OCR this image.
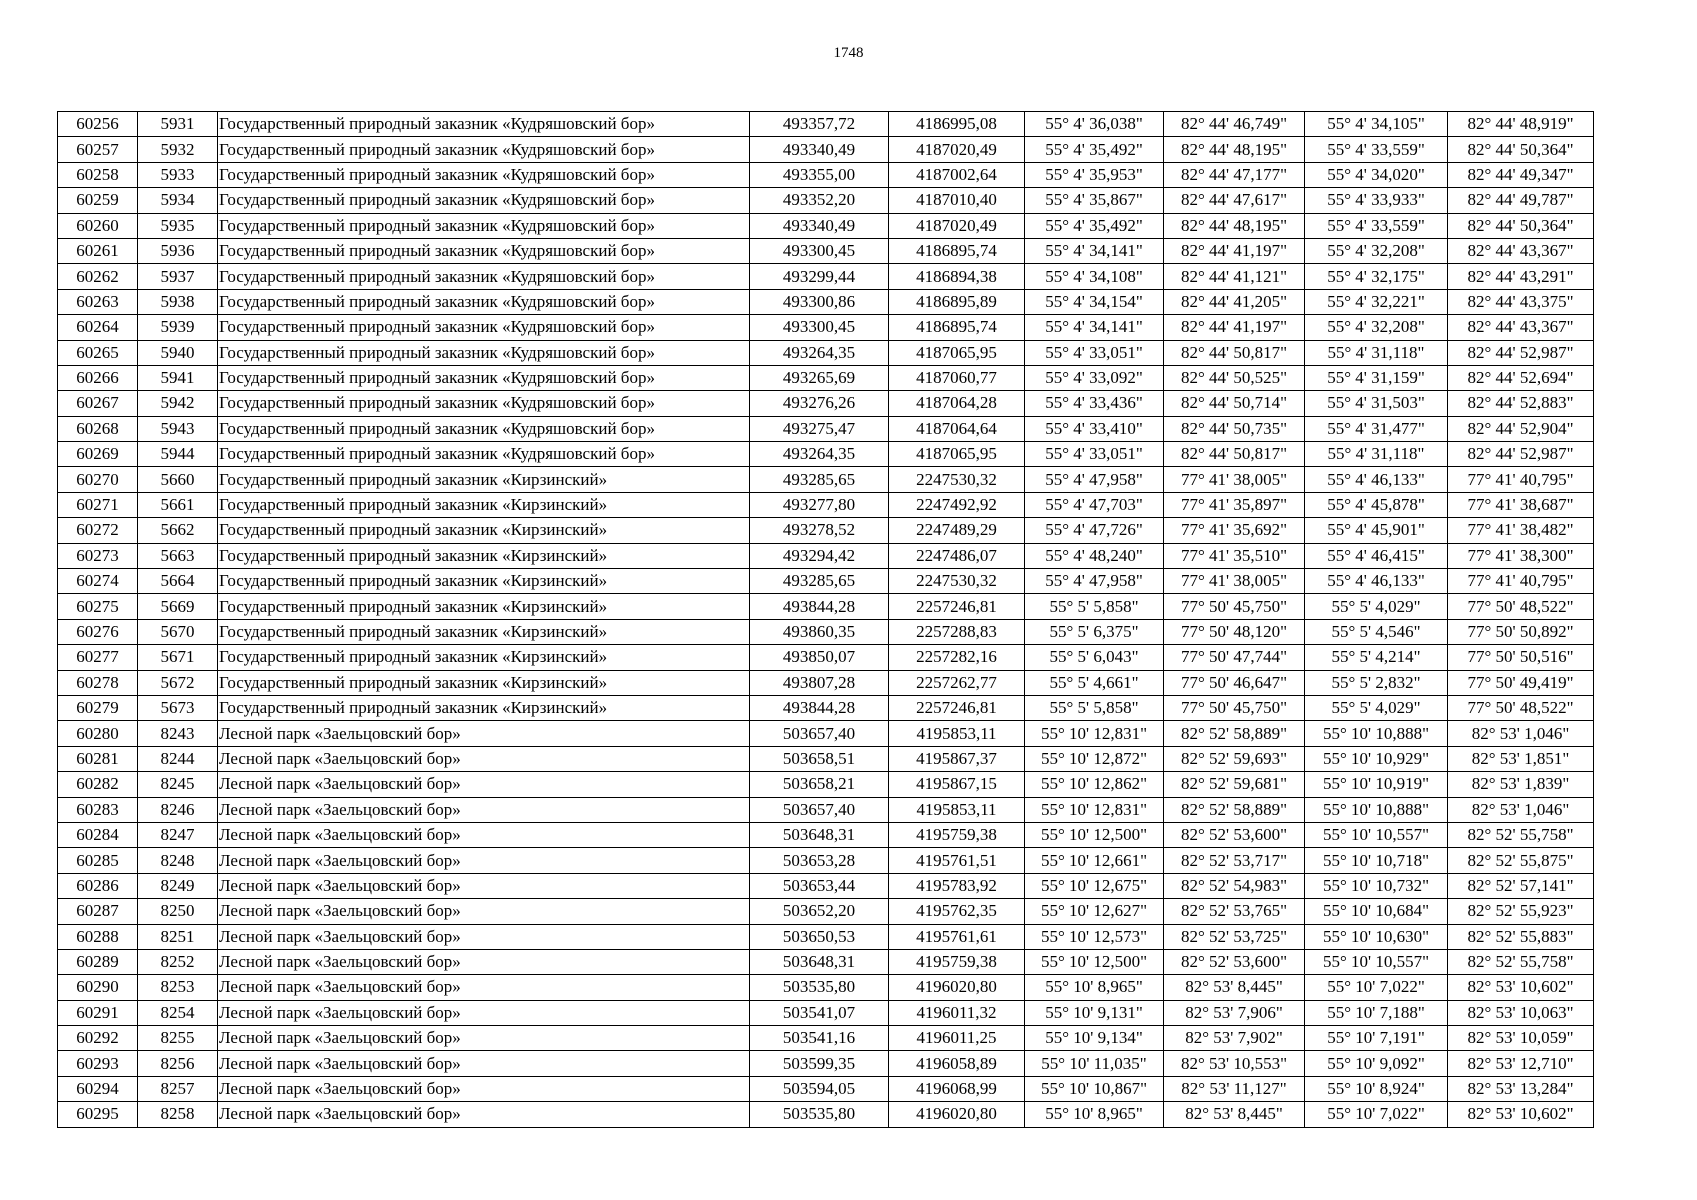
1748
60256	5931	Государственный природный заказник «Кудряшовский бор»	493357,72	4186995,08	55° 4' 36,038"	82° 44' 46,749"	55° 4' 34,105"	82° 44' 48,919"
60257	5932	Государственный природный заказник «Кудряшовский бор»	493340,49	4187020,49	55° 4' 35,492"	82° 44' 48,195"	55° 4' 33,559"	82° 44' 50,364"
60258	5933	Государственный природный заказник «Кудряшовский бор»	493355,00	4187002,64	55° 4' 35,953"	82° 44' 47,177"	55° 4' 34,020"	82° 44' 49,347"
60259	5934	Государственный природный заказник «Кудряшовский бор»	493352,20	4187010,40	55° 4' 35,867"	82° 44' 47,617"	55° 4' 33,933"	82° 44' 49,787"
60260	5935	Государственный природный заказник «Кудряшовский бор»	493340,49	4187020,49	55° 4' 35,492"	82° 44' 48,195"	55° 4' 33,559"	82° 44' 50,364"
60261	5936	Государственный природный заказник «Кудряшовский бор»	493300,45	4186895,74	55° 4' 34,141"	82° 44' 41,197"	55° 4' 32,208"	82° 44' 43,367"
60262	5937	Государственный природный заказник «Кудряшовский бор»	493299,44	4186894,38	55° 4' 34,108"	82° 44' 41,121"	55° 4' 32,175"	82° 44' 43,291"
60263	5938	Государственный природный заказник «Кудряшовский бор»	493300,86	4186895,89	55° 4' 34,154"	82° 44' 41,205"	55° 4' 32,221"	82° 44' 43,375"
60264	5939	Государственный природный заказник «Кудряшовский бор»	493300,45	4186895,74	55° 4' 34,141"	82° 44' 41,197"	55° 4' 32,208"	82° 44' 43,367"
60265	5940	Государственный природный заказник «Кудряшовский бор»	493264,35	4187065,95	55° 4' 33,051"	82° 44' 50,817"	55° 4' 31,118"	82° 44' 52,987"
60266	5941	Государственный природный заказник «Кудряшовский бор»	493265,69	4187060,77	55° 4' 33,092"	82° 44' 50,525"	55° 4' 31,159"	82° 44' 52,694"
60267	5942	Государственный природный заказник «Кудряшовский бор»	493276,26	4187064,28	55° 4' 33,436"	82° 44' 50,714"	55° 4' 31,503"	82° 44' 52,883"
60268	5943	Государственный природный заказник «Кудряшовский бор»	493275,47	4187064,64	55° 4' 33,410"	82° 44' 50,735"	55° 4' 31,477"	82° 44' 52,904"
60269	5944	Государственный природный заказник «Кудряшовский бор»	493264,35	4187065,95	55° 4' 33,051"	82° 44' 50,817"	55° 4' 31,118"	82° 44' 52,987"
60270	5660	Государственный природный заказник «Кирзинский»	493285,65	2247530,32	55° 4' 47,958"	77° 41' 38,005"	55° 4' 46,133"	77° 41' 40,795"
60271	5661	Государственный природный заказник «Кирзинский»	493277,80	2247492,92	55° 4' 47,703"	77° 41' 35,897"	55° 4' 45,878"	77° 41' 38,687"
60272	5662	Государственный природный заказник «Кирзинский»	493278,52	2247489,29	55° 4' 47,726"	77° 41' 35,692"	55° 4' 45,901"	77° 41' 38,482"
60273	5663	Государственный природный заказник «Кирзинский»	493294,42	2247486,07	55° 4' 48,240"	77° 41' 35,510"	55° 4' 46,415"	77° 41' 38,300"
60274	5664	Государственный природный заказник «Кирзинский»	493285,65	2247530,32	55° 4' 47,958"	77° 41' 38,005"	55° 4' 46,133"	77° 41' 40,795"
60275	5669	Государственный природный заказник «Кирзинский»	493844,28	2257246,81	55° 5' 5,858"	77° 50' 45,750"	55° 5' 4,029"	77° 50' 48,522"
60276	5670	Государственный природный заказник «Кирзинский»	493860,35	2257288,83	55° 5' 6,375"	77° 50' 48,120"	55° 5' 4,546"	77° 50' 50,892"
60277	5671	Государственный природный заказник «Кирзинский»	493850,07	2257282,16	55° 5' 6,043"	77° 50' 47,744"	55° 5' 4,214"	77° 50' 50,516"
60278	5672	Государственный природный заказник «Кирзинский»	493807,28	2257262,77	55° 5' 4,661"	77° 50' 46,647"	55° 5' 2,832"	77° 50' 49,419"
60279	5673	Государственный природный заказник «Кирзинский»	493844,28	2257246,81	55° 5' 5,858"	77° 50' 45,750"	55° 5' 4,029"	77° 50' 48,522"
60280	8243	Лесной парк «Заельцовский бор»	503657,40	4195853,11	55° 10' 12,831"	82° 52' 58,889"	55° 10' 10,888"	82° 53' 1,046"
60281	8244	Лесной парк «Заельцовский бор»	503658,51	4195867,37	55° 10' 12,872"	82° 52' 59,693"	55° 10' 10,929"	82° 53' 1,851"
60282	8245	Лесной парк «Заельцовский бор»	503658,21	4195867,15	55° 10' 12,862"	82° 52' 59,681"	55° 10' 10,919"	82° 53' 1,839"
60283	8246	Лесной парк «Заельцовский бор»	503657,40	4195853,11	55° 10' 12,831"	82° 52' 58,889"	55° 10' 10,888"	82° 53' 1,046"
60284	8247	Лесной парк «Заельцовский бор»	503648,31	4195759,38	55° 10' 12,500"	82° 52' 53,600"	55° 10' 10,557"	82° 52' 55,758"
60285	8248	Лесной парк «Заельцовский бор»	503653,28	4195761,51	55° 10' 12,661"	82° 52' 53,717"	55° 10' 10,718"	82° 52' 55,875"
60286	8249	Лесной парк «Заельцовский бор»	503653,44	4195783,92	55° 10' 12,675"	82° 52' 54,983"	55° 10' 10,732"	82° 52' 57,141"
60287	8250	Лесной парк «Заельцовский бор»	503652,20	4195762,35	55° 10' 12,627"	82° 52' 53,765"	55° 10' 10,684"	82° 52' 55,923"
60288	8251	Лесной парк «Заельцовский бор»	503650,53	4195761,61	55° 10' 12,573"	82° 52' 53,725"	55° 10' 10,630"	82° 52' 55,883"
60289	8252	Лесной парк «Заельцовский бор»	503648,31	4195759,38	55° 10' 12,500"	82° 52' 53,600"	55° 10' 10,557"	82° 52' 55,758"
60290	8253	Лесной парк «Заельцовский бор»	503535,80	4196020,80	55° 10' 8,965"	82° 53' 8,445"	55° 10' 7,022"	82° 53' 10,602"
60291	8254	Лесной парк «Заельцовский бор»	503541,07	4196011,32	55° 10' 9,131"	82° 53' 7,906"	55° 10' 7,188"	82° 53' 10,063"
60292	8255	Лесной парк «Заельцовский бор»	503541,16	4196011,25	55° 10' 9,134"	82° 53' 7,902"	55° 10' 7,191"	82° 53' 10,059"
60293	8256	Лесной парк «Заельцовский бор»	503599,35	4196058,89	55° 10' 11,035"	82° 53' 10,553"	55° 10' 9,092"	82° 53' 12,710"
60294	8257	Лесной парк «Заельцовский бор»	503594,05	4196068,99	55° 10' 10,867"	82° 53' 11,127"	55° 10' 8,924"	82° 53' 13,284"
60295	8258	Лесной парк «Заельцовский бор»	503535,80	4196020,80	55° 10' 8,965"	82° 53' 8,445"	55° 10' 7,022"	82° 53' 10,602"
